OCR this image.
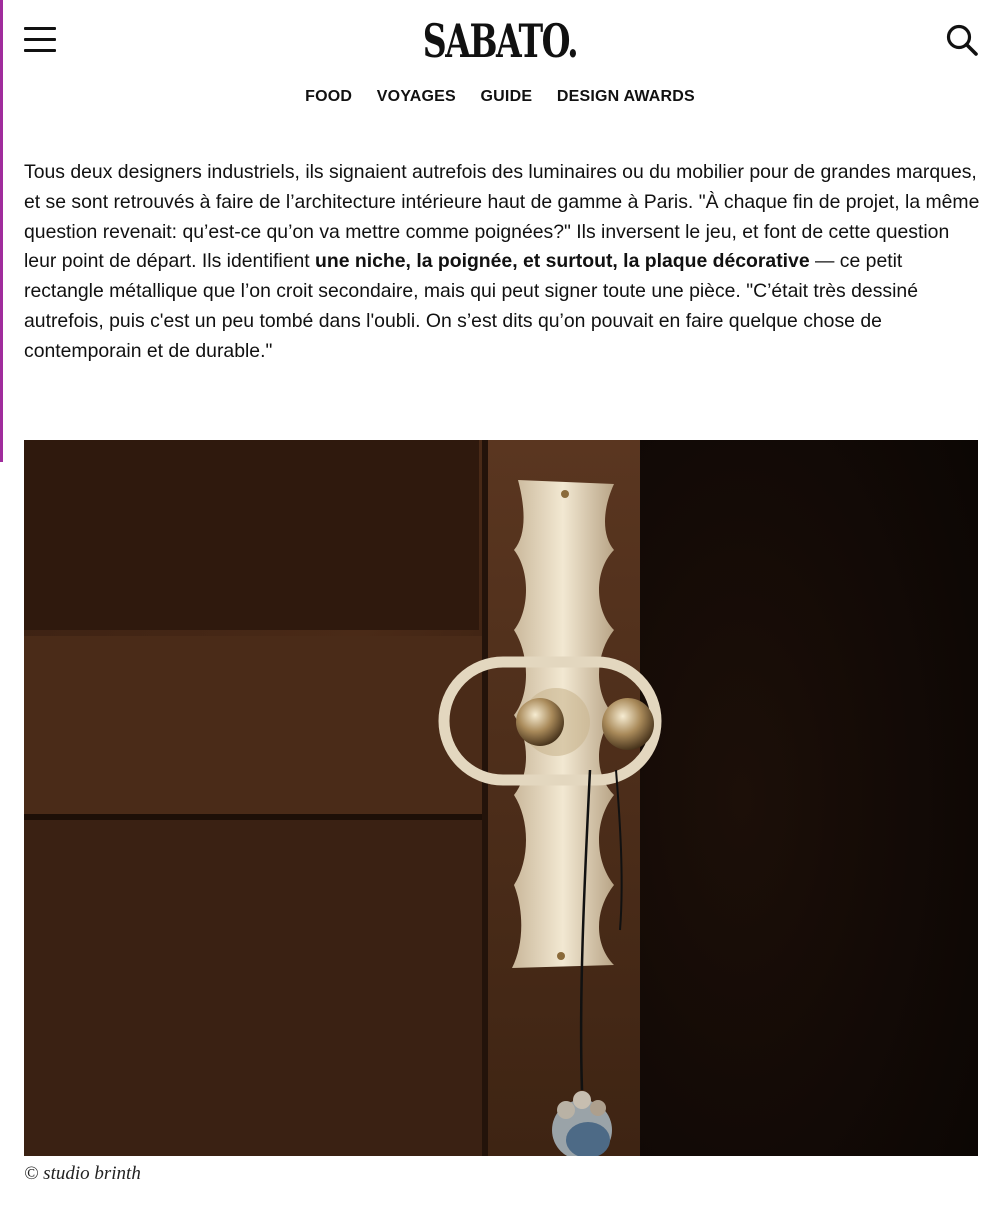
SABATO.
FOOD VOYAGES GUIDE DESIGN AWARDS
Tous deux designers industriels, ils signaient autrefois des luminaires ou du mobilier pour de grandes marques, et se sont retrouvés à faire de l’architecture intérieure haut de gamme à Paris. "À chaque fin de projet, la même question revenait: qu’est-ce qu’on va mettre comme poignées?" Ils inversent le jeu, et font de cette question leur point de départ. Ils identifient une niche, la poignée, et surtout, la plaque décorative — ce petit rectangle métallique que l’on croit secondaire, mais qui peut signer toute une pièce. "C’était très dessiné autrefois, puis c'est un peu tombé dans l'oubli. On s’est dits qu’on pouvait en faire quelque chose de contemporain et de durable."
© studio brinth
